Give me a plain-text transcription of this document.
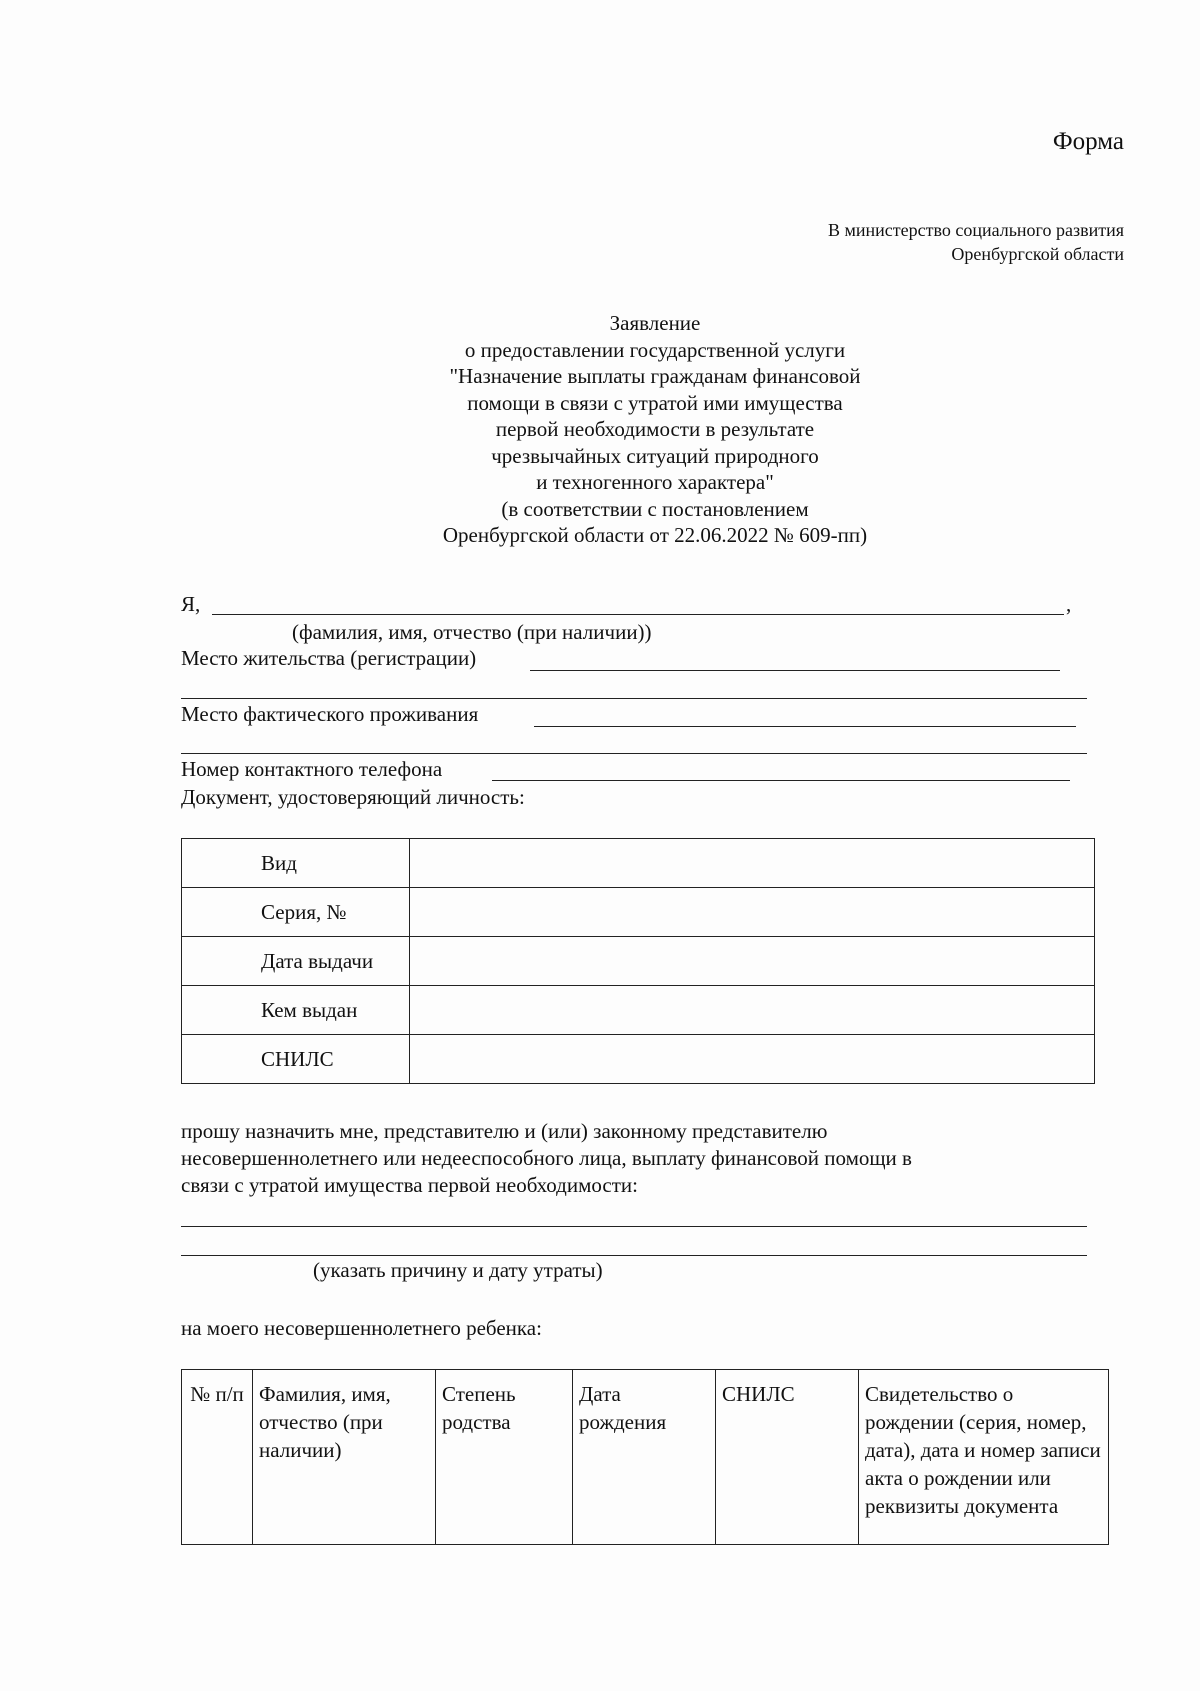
Форма
В министерство социального развития
Оренбургской области
Заявление
о предоставлении государственной услуги
"Назначение выплаты гражданам финансовой
помощи в связи с утратой ими имущества
первой необходимости в результате
чрезвычайных ситуаций природного
и техногенного характера"
(в соответствии с постановлением
Оренбургской области от 22.06.2022 № 609-пп)
Я,	,
(фамилия, имя, отчество (при наличии))
Место жительства (регистрации)
Место фактического проживания
Номер контактного телефона
Документ, удостоверяющий личность:
Вид	
Серия, №	
Дата выдачи	
Кем выдан	
СНИЛС	
прошу назначить мне, представителю и (или) законному представителю
несовершеннолетнего или недееспособного лица, выплату финансовой помощи в
связи с утратой имущества первой необходимости:
(указать причину и дату утраты)
на моего несовершеннолетнего ребенка:
№ п/п	Фамилия, имя, отчество (при наличии)	Степень родства	Дата рождения	СНИЛС	Свидетельство о рождении (серия, номер, дата), дата и номер записи акта о рождении или реквизиты документа
